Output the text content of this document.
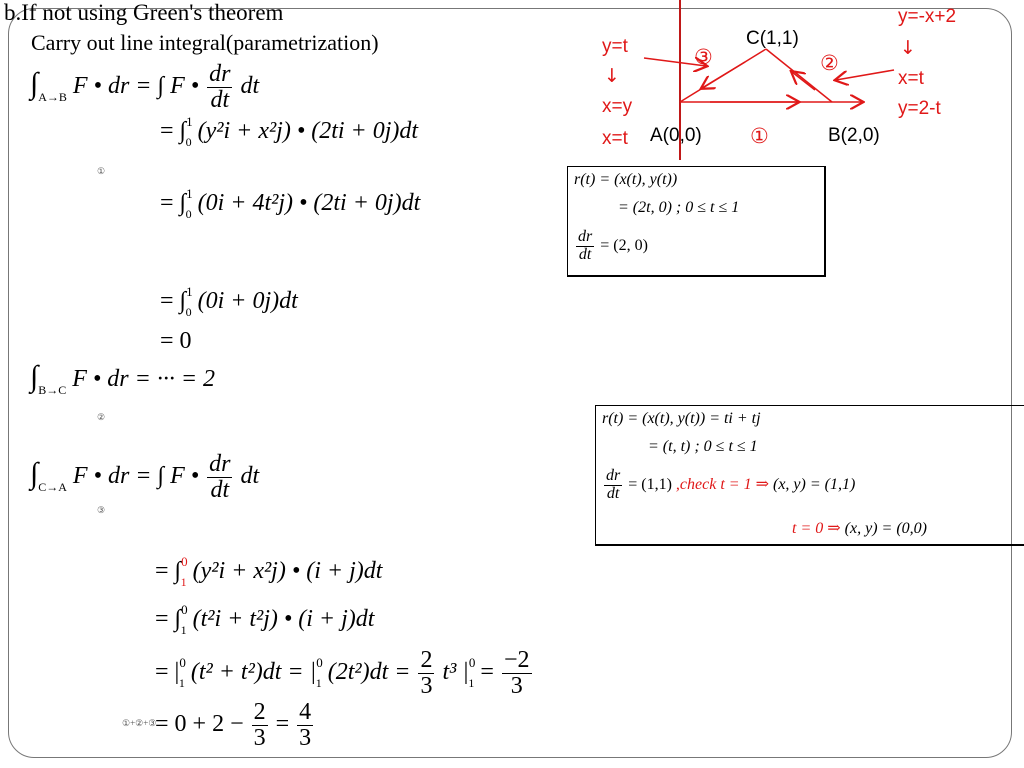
b.If not using Green's theorem
Carry out line integral(parametrization)
$\int_{A\to B}$ F • dr = ∫ F • $\frac{dr}{dt}$ dt
= ∫$^1_0$ (y²i + x²j) • (2ti + 0j)dt
①
= ∫$^1_0$ (0i + 4t²j) • (2ti + 0j)dt
= ∫$^1_0$ (0i + 0j)dt
= 0
$\int_{B\to C}$ F • dr = ··· = 2
②
$\int_{C\to A}$ F • dr = ∫ F • $\frac{dr}{dt}$ dt
③
= ∫$^0_1$ (y²i + x²j) • (i + j)dt
= ∫$^0_1$ (t²i + t²j) • (i + j)dt
= $|^0_1$ $(t^2 + t^2)dt = |^0_1$ $(2t^2)dt = \frac{2}{3} t^3$ $|^0_1 = \frac{-2}{3}$
①+②+③
= $0 + 2 - \frac{2}{3} = \frac{4}{3}$
r(t) = (x(t), y(t))
= (2t, 0) ; 0 ≤ t ≤ 1
$\frac{dr}{dt} = (2$, 0)
r(t) = (x(t), y(t)) = ti + tj
= (t, t) ; 0 ≤ t ≤ 1
$\frac{dr}{dt} = (1,1)$ ,check t = 1 ⇒ (x, y) = (1,1)
t = 0 ⇒ (x, y) = (0,0)
C(1,1)
A(0,0)	B(2,0)
①
②
③
y=t
↓
x=y
x=t
y=-x+2
↓
x=t
y=2-t
